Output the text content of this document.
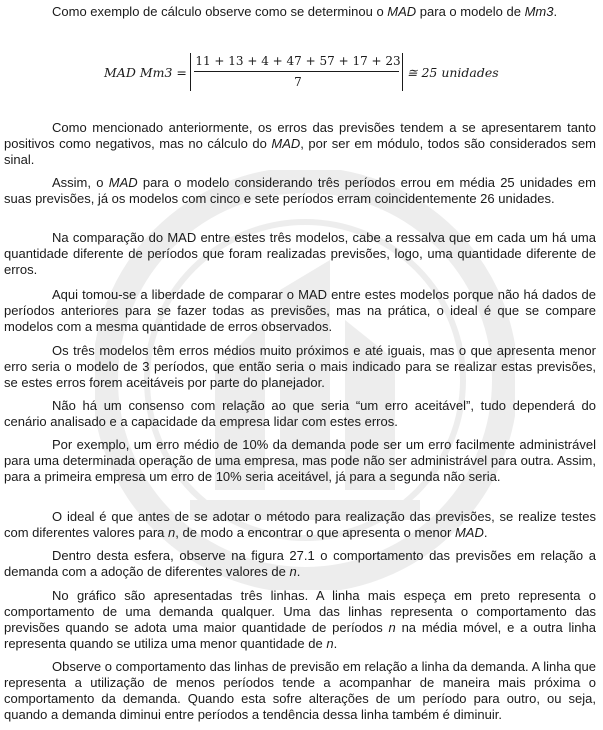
Como exemplo de cálculo observe como se determinou o MAD para o modelo de Mm3.

MAD Mm3 =
11 + 13 + 4 + 47 + 57 + 17 + 23
7
≅ 25 unidades

Como mencionado anteriormente, os erros das previsões tendem a se apresentarem tanto positivos como negativos, mas no cálculo do MAD, por ser em módulo, todos são considerados sem sinal.

Assim, o MAD para o modelo considerando três períodos errou em média 25 unidades em suas previsões, já os modelos com cinco e sete períodos erram coincidentemente 26 unidades.

Na comparação do MAD entre estes três modelos, cabe a ressalva que em cada um há uma quantidade diferente de períodos que foram realizadas previsões, logo, uma quantidade diferente de erros.

Aqui tomou-se a liberdade de comparar o MAD entre estes modelos porque não há dados de períodos anteriores para se fazer todas as previsões, mas na prática, o ideal é que se compare modelos com a mesma quantidade de erros observados.

Os três modelos têm erros médios muito próximos e até iguais, mas o que apresenta menor erro seria o modelo de 3 períodos, que então seria o mais indicado para se realizar estas previsões, se estes erros forem aceitáveis por parte do planejador.

Não há um consenso com relação ao que seria “um erro aceitável”, tudo dependerá do cenário analisado e a capacidade da empresa lidar com estes erros.

Por exemplo, um erro médio de 10% da demanda pode ser um erro facilmente administrável para uma determinada operação de uma empresa, mas pode não ser administrável para outra. Assim, para a primeira empresa um erro de 10% seria aceitável, já para a segunda não seria.

O ideal é que antes de se adotar o método para realização das previsões, se realize testes com diferentes valores para n, de modo a encontrar o que apresenta o menor MAD.

Dentro desta esfera, observe na figura 27.1 o comportamento das previsões em relação a demanda com a adoção de diferentes valores de n.

No gráfico são apresentadas três linhas. A linha mais espeça em preto representa o comportamento de uma demanda qualquer. Uma das linhas representa o comportamento das previsões quando se adota uma maior quantidade de períodos n na média móvel, e a outra linha representa quando se utiliza uma menor quantidade de n.

Observe o comportamento das linhas de previsão em relação a linha da demanda. A linha que representa a utilização de menos períodos tende a acompanhar de maneira mais próxima o comportamento da demanda. Quando esta sofre alterações de um período para outro, ou seja, quando a demanda diminui entre períodos a tendência dessa linha também é diminuir.
